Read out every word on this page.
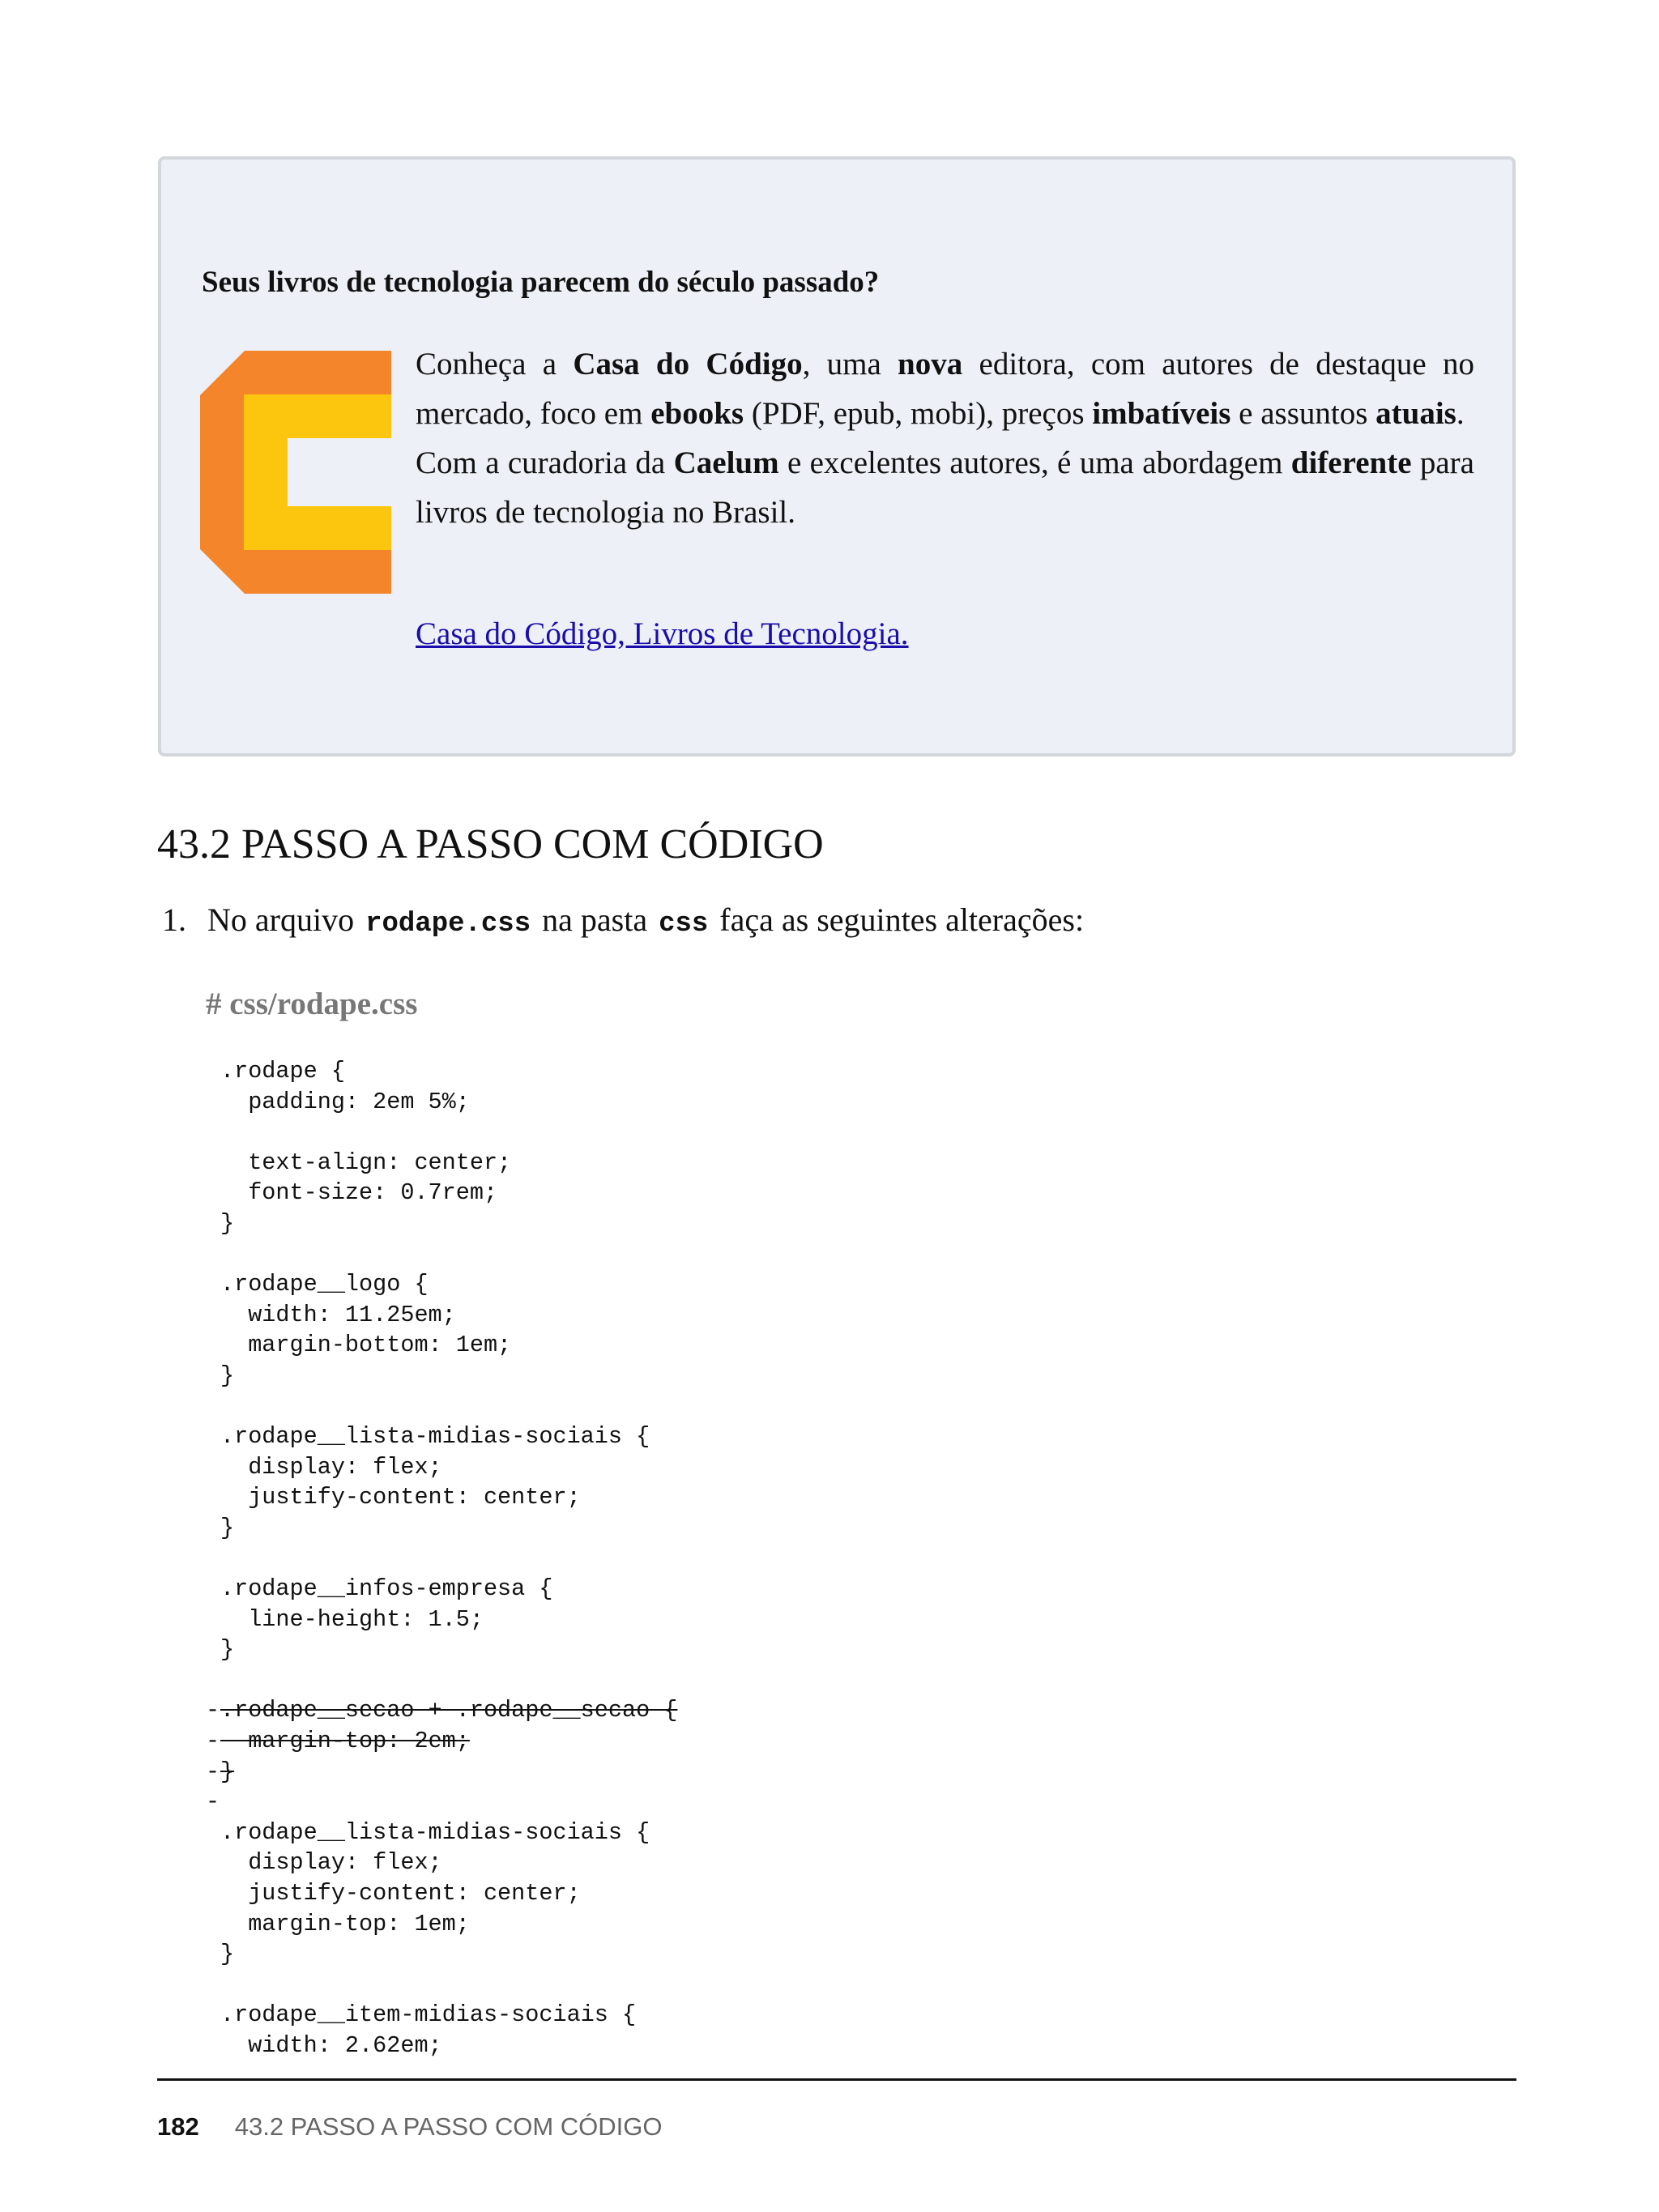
Seus livros de tecnologia parecem do século passado?

Conheça a Casa do Código, uma nova editora, com autores de destaque no mercado, foco em ebooks (PDF, epub, mobi), preços imbatíveis e assuntos atuais.

Com a curadoria da Caelum e excelentes autores, é uma abordagem diferente para livros de tecnologia no Brasil.

Casa do Código, Livros de Tecnologia.
43.2 PASSO A PASSO COM CÓDIGO
1. No arquivo rodape.css na pasta css faça as seguintes alterações:
# css/rodape.css
.rodape {
padding: 2em 5%;
text-align: center;
font-size: 0.7rem;
}
.rodape__logo {
width: 11.25em;
margin-bottom: 1em;
}
.rodape__lista-midias-sociais {
display: flex;
justify-content: center;
}
.rodape__infos-empresa {
line-height: 1.5;
}
- .rodape__secao + .rodape__secao {
- margin-top: 2em;
- }
-
.rodape__lista-midias-sociais {
display: flex;
justify-content: center;
margin-top: 1em;
}
.rodape__item-midias-sociais {
width: 2.62em;
182 43.2 PASSO A PASSO COM CÓDIGO
